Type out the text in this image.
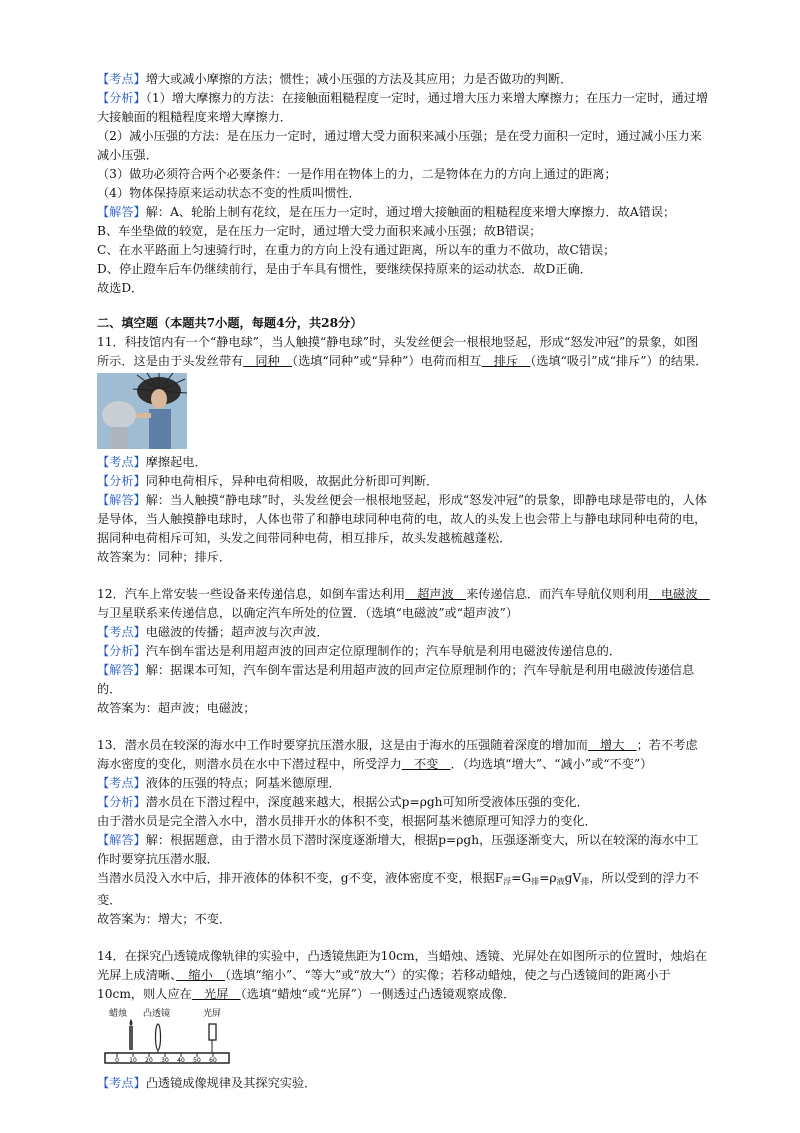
【考点】增大或减小摩擦的方法；惯性；减小压强的方法及其应用；力是否做功的判断．

【分析】（1）增大摩擦力的方法：在接触面粗糙程度一定时，通过增大压力来增大摩擦力；在压力一定时，通过增大接触面的粗糙程度来增大摩擦力．

（2）减小压强的方法：是在压力一定时，通过增大受力面积来减小压强；是在受力面积一定时，通过减小压力来减小压强．

（3）做功必须符合两个必要条件：一是作用在物体上的力，二是物体在力的方向上通过的距离；

（4）物体保持原来运动状态不变的性质叫惯性．

【解答】解：A、轮胎上制有花纹，是在压力一定时，通过增大接触面的粗糙程度来增大摩擦力．故A错误；

B、车坐垫做的较宽，是在压力一定时，通过增大受力面积来减小压强；故B错误；

C、在水平路面上匀速骑行时，在重力的方向上没有通过距离，所以车的重力不做功，故C错误；

D、停止蹬车后车仍继续前行，是由于车具有惯性，要继续保持原来的运动状态．故D正确．

故选D．

二、填空题（本题共7小题，每题4分，共28分）

11．科技馆内有一个“静电球”，当人触摸“静电球”时，头发丝便会一根根地竖起，形成“怒发冲冠”的景象，如图所示．这是由于头发丝带有　同种　（选填“同种”或“异种”）电荷而相互　排斥　（选填“吸引”成“排斥”）的结果．

【考点】摩擦起电．

【分析】同种电荷相斥，异种电荷相吸，故据此分析即可判断．

【解答】解：当人触摸“静电球”时，头发丝便会一根根地竖起，形成“怒发冲冠”的景象，即静电球是带电的，人体是导体，当人触摸静电球时，人体也带了和静电球同种电荷的电，故人的头发上也会带上与静电球同种电荷的电，据同种电荷相斥可知，头发之间带同种电荷，相互排斥，故头发越梳越蓬松．

故答案为：同种；排斥．

12．汽车上常安装一些设备来传递信息，如倒车雷达利用　超声波　来传递信息．而汽车导航仪则利用　电磁波　与卫星联系来传递信息，以确定汽车所处的位置．（选填“电磁波”或“超声波”）

【考点】电磁波的传播；超声波与次声波．

【分析】汽车倒车雷达是利用超声波的回声定位原理制作的；汽车导航是利用电磁波传递信息的．

【解答】解：据课本可知，汽车倒车雷达是利用超声波的回声定位原理制作的；汽车导航是利用电磁波传递信息的．

故答案为：超声波；电磁波；

13．潜水员在较深的海水中工作时要穿抗压潜水服，这是由于海水的压强随着深度的增加而　增大　；若不考虑海水密度的变化，则潜水员在水中下潜过程中，所受浮力　不变　．（均选填“增大”、“减小”或“不变”）

【考点】液体的压强的特点；阿基米德原理．

【分析】潜水员在下潜过程中，深度越来越大，根据公式p=ρgh可知所受液体压强的变化．

由于潜水员是完全潜入水中，潜水员排开水的体积不变，根据阿基米德原理可知浮力的变化．

【解答】解：根据题意，由于潜水员下潜时深度逐渐增大，根据p=ρgh，压强逐渐变大，所以在较深的海水中工作时要穿抗压潜水服．

当潜水员没入水中后，排开液体的体积不变，g不变，液体密度不变，根据$F_浮=G_排=\rho_液gV_排$，所以受到的浮力不变．

故答案为：增大；不变．

14．在探究凸透镜成像轨律的实验中，凸透镜焦距为10cm，当蜡烛、透镜、光屏处在如图所示的位置时，烛焰在光屏上成清晰、　缩小　（选填“缩小”、“等大”或“放大”）的实像；若移动蜡烛，使之与凸透镜间的距离小于10cm，则人应在　光屏　（选填“蜡烛“或“光屏”）一侧透过凸透镜观察成像．

蜡烛 凸透镜	光屏
0 10 20 30 40 50 60

【考点】凸透镜成像规律及其探究实验．
